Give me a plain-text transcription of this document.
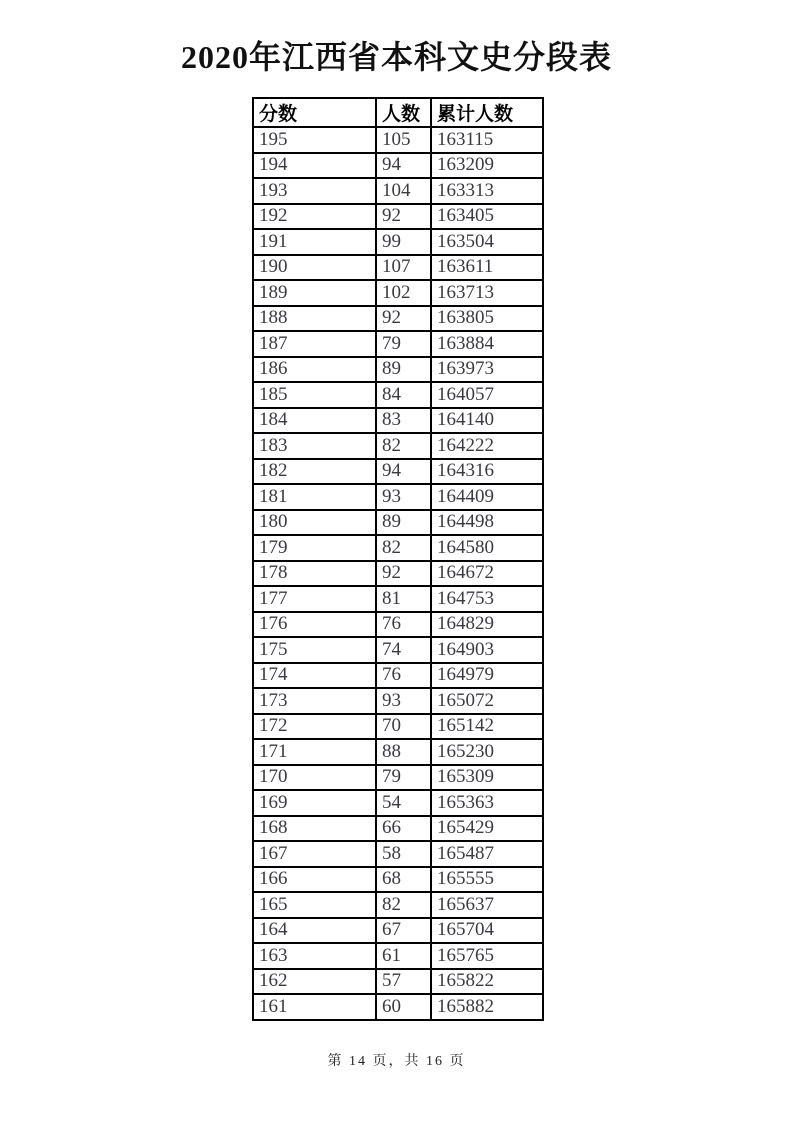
2020年江西省本科文史分段表
分数	人数	累计人数
195	105	163115
194	94	163209
193	104	163313
192	92	163405
191	99	163504
190	107	163611
189	102	163713
188	92	163805
187	79	163884
186	89	163973
185	84	164057
184	83	164140
183	82	164222
182	94	164316
181	93	164409
180	89	164498
179	82	164580
178	92	164672
177	81	164753
176	76	164829
175	74	164903
174	76	164979
173	93	165072
172	70	165142
171	88	165230
170	79	165309
169	54	165363
168	66	165429
167	58	165487
166	68	165555
165	82	165637
164	67	165704
163	61	165765
162	57	165822
161	60	165882
第 14 页，共 16 页
